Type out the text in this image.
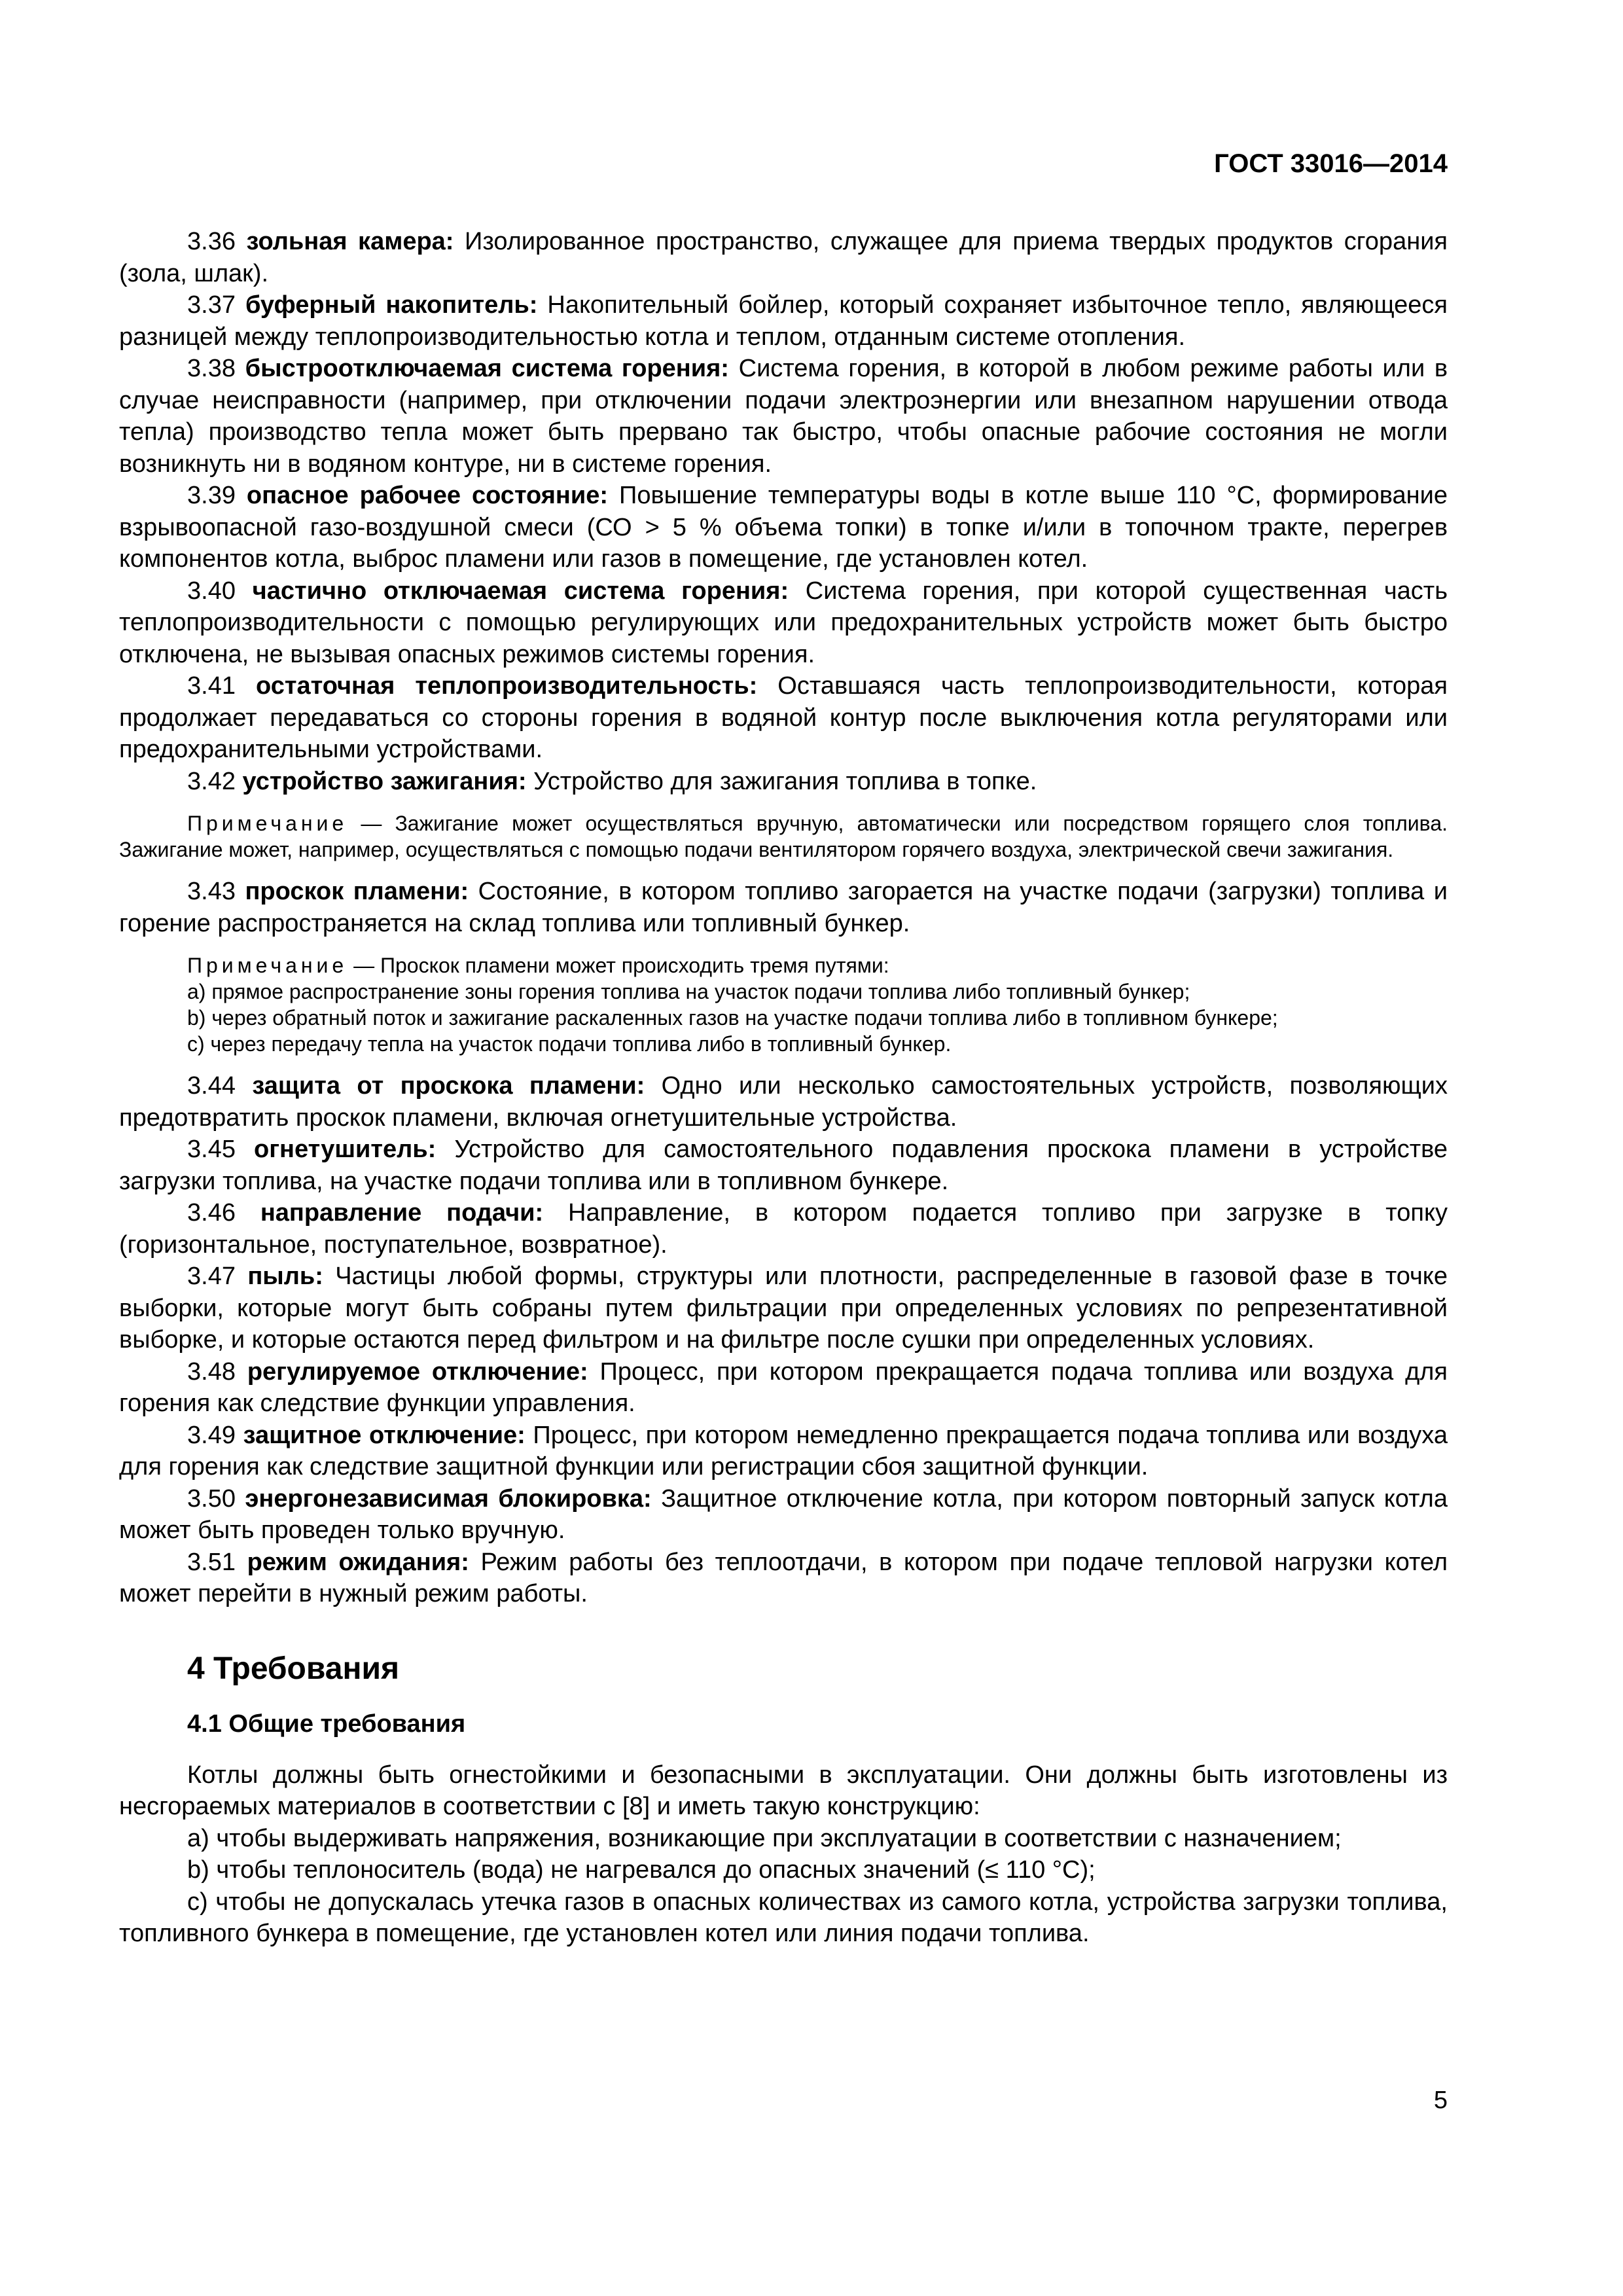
ГОСТ 33016—2014

3.36 зольная камера: Изолированное пространство, служащее для приема твердых продуктов сгорания (зола, шлак).

3.37 буферный накопитель: Накопительный бойлер, который сохраняет избыточное тепло, являющееся разницей между теплопроизводительностью котла и теплом, отданным системе отопления.

3.38 быстроотключаемая система горения: Система горения, в которой в любом режиме работы или в случае неисправности (например, при отключении подачи электроэнергии или внезапном нарушении отвода тепла) производство тепла может быть прервано так быстро, чтобы опасные рабочие состояния не могли возникнуть ни в водяном контуре, ни в системе горения.

3.39 опасное рабочее состояние: Повышение температуры воды в котле выше 110 °С, формирование взрывоопасной газо-воздушной смеси (СО > 5 % объема топки) в топке и/или в топочном тракте, перегрев компонентов котла, выброс пламени или газов в помещение, где установлен котел.

3.40 частично отключаемая система горения: Система горения, при которой существенная часть теплопроизводительности с помощью регулирующих или предохранительных устройств может быть быстро отключена, не вызывая опасных режимов системы горения.

3.41 остаточная теплопроизводительность: Оставшаяся часть теплопроизводительности, которая продолжает передаваться со стороны горения в водяной контур после выключения котла регуляторами или предохранительными устройствами.

3.42 устройство зажигания: Устройство для зажигания топлива в топке.

Примечание — Зажигание может осуществляться вручную, автоматически или посредством горящего слоя топлива. Зажигание может, например, осуществляться с помощью подачи вентилятором горячего воздуха, электрической свечи зажигания.

3.43 проскок пламени: Состояние, в котором топливо загорается на участке подачи (загрузки) топлива и горение распространяется на склад топлива или топливный бункер.

Примечание — Проскок пламени может происходить тремя путями:

а) прямое распространение зоны горения топлива на участок подачи топлива либо топливный бункер;

b) через обратный поток и зажигание раскаленных газов на участке подачи топлива либо в топливном бункере;

с) через передачу тепла на участок подачи топлива либо в топливный бункер.

3.44 защита от проскока пламени: Одно или несколько самостоятельных устройств, позволяющих предотвратить проскок пламени, включая огнетушительные устройства.

3.45 огнетушитель: Устройство для самостоятельного подавления проскока пламени в устройстве загрузки топлива, на участке подачи топлива или в топливном бункере.

3.46 направление подачи: Направление, в котором подается топливо при загрузке в топку (горизонтальное, поступательное, возвратное).

3.47 пыль: Частицы любой формы, структуры или плотности, распределенные в газовой фазе в точке выборки, которые могут быть собраны путем фильтрации при определенных условиях по репрезентативной выборке, и которые остаются перед фильтром и на фильтре после сушки при определенных условиях.

3.48 регулируемое отключение: Процесс, при котором прекращается подача топлива или воздуха для горения как следствие функции управления.

3.49 защитное отключение: Процесс, при котором немедленно прекращается подача топлива или воздуха для горения как следствие защитной функции или регистрации сбоя защитной функции.

3.50 энергонезависимая блокировка: Защитное отключение котла, при котором повторный запуск котла может быть проведен только вручную.

3.51 режим ожидания: Режим работы без теплоотдачи, в котором при подаче тепловой нагрузки котел может перейти в нужный режим работы.

4 Требования
4.1 Общие требования

Котлы должны быть огнестойкими и безопасными в эксплуатации. Они должны быть изготовлены из несгораемых материалов в соответствии с [8] и иметь такую конструкцию:

а) чтобы выдерживать напряжения, возникающие при эксплуатации в соответствии с назначением;

b) чтобы теплоноситель (вода) не нагревался до опасных значений (≤ 110 °С);

с) чтобы не допускалась утечка газов в опасных количествах из самого котла, устройства загрузки топлива, топливного бункера в помещение, где установлен котел или линия подачи топлива.

5
